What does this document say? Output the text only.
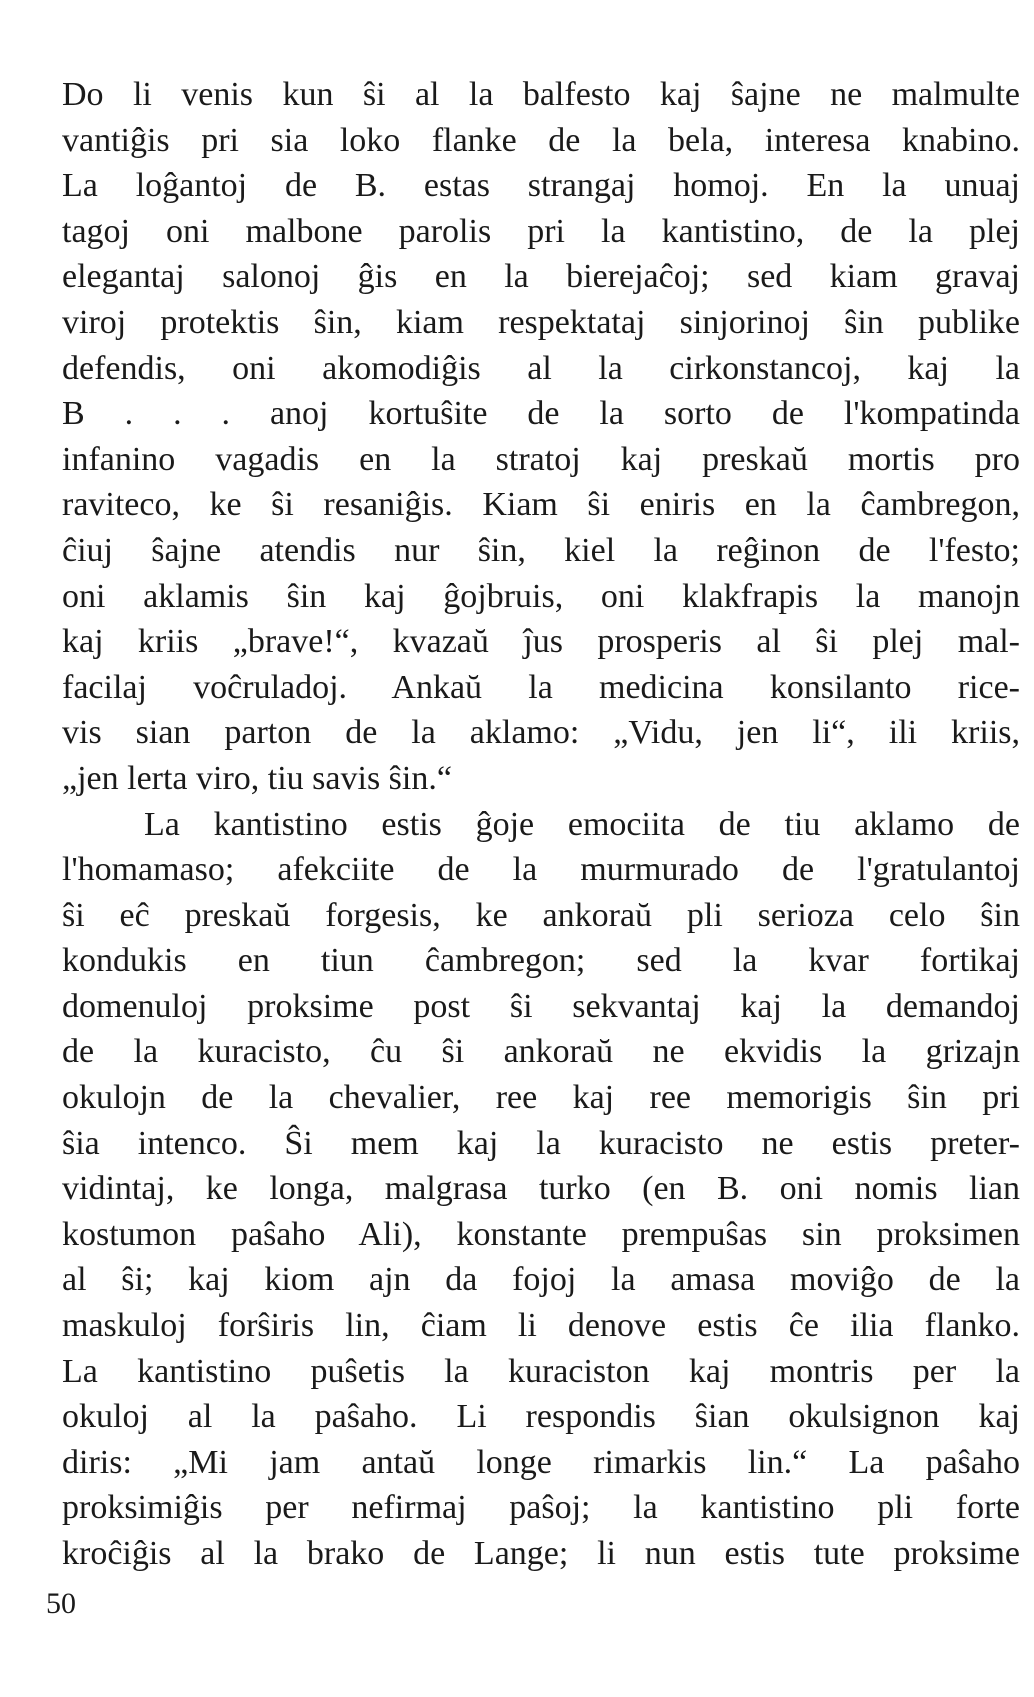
Do li venis kun ŝi al la balfesto kaj ŝajne ne malmulte
vantiĝis pri sia loko flanke de la bela, interesa knabino.
La loĝantoj de B. estas strangaj homoj. En la unuaj
tagoj oni malbone parolis pri la kantistino, de la plej
elegantaj salonoj ĝis en la bierejaĉoj; sed kiam gravaj
viroj protektis ŝin, kiam respektataj sinjorinoj ŝin publike
defendis, oni akomodiĝis al la cirkonstancoj, kaj la
B . . . anoj kortuŝite de la sorto de l'kompatinda
infanino vagadis en la stratoj kaj preskaŭ mortis pro
raviteco, ke ŝi resaniĝis. Kiam ŝi eniris en la ĉambregon,
ĉiuj ŝajne atendis nur ŝin, kiel la reĝinon de l'festo;
oni aklamis ŝin kaj ĝojbruis, oni klakfrapis la manojn
kaj kriis „brave!“, kvazaŭ ĵus prosperis al ŝi plej mal-
facilaj voĉruladoj. Ankaŭ la medicina konsilanto rice-
vis sian parton de la aklamo: „Vidu, jen li“, ili kriis,
„jen lerta viro, tiu savis ŝin.“
La kantistino estis ĝoje emociita de tiu aklamo de
l'homamaso; afekciite de la murmurado de l'gratulantoj
ŝi eĉ preskaŭ forgesis, ke ankoraŭ pli serioza celo ŝin
kondukis en tiun ĉambregon; sed la kvar fortikaj
domenuloj proksime post ŝi sekvantaj kaj la demandoj
de la kuracisto, ĉu ŝi ankoraŭ ne ekvidis la grizajn
okulojn de la chevalier, ree kaj ree memorigis ŝin pri
ŝia intenco. Ŝi mem kaj la kuracisto ne estis preter-
vidintaj, ke longa, malgrasa turko (en B. oni nomis lian
kostumon paŝaho Ali), konstante prempuŝas sin proksimen
al ŝi; kaj kiom ajn da fojoj la amasa moviĝo de la
maskuloj forŝiris lin, ĉiam li denove estis ĉe ilia flanko.
La kantistino puŝetis la kuraciston kaj montris per la
okuloj al la paŝaho. Li respondis ŝian okulsignon kaj
diris: „Mi jam antaŭ longe rimarkis lin.“ La paŝaho
proksimiĝis per nefirmaj paŝoj; la kantistino pli forte
kroĉiĝis al la brako de Lange; li nun estis tute proksime
50
